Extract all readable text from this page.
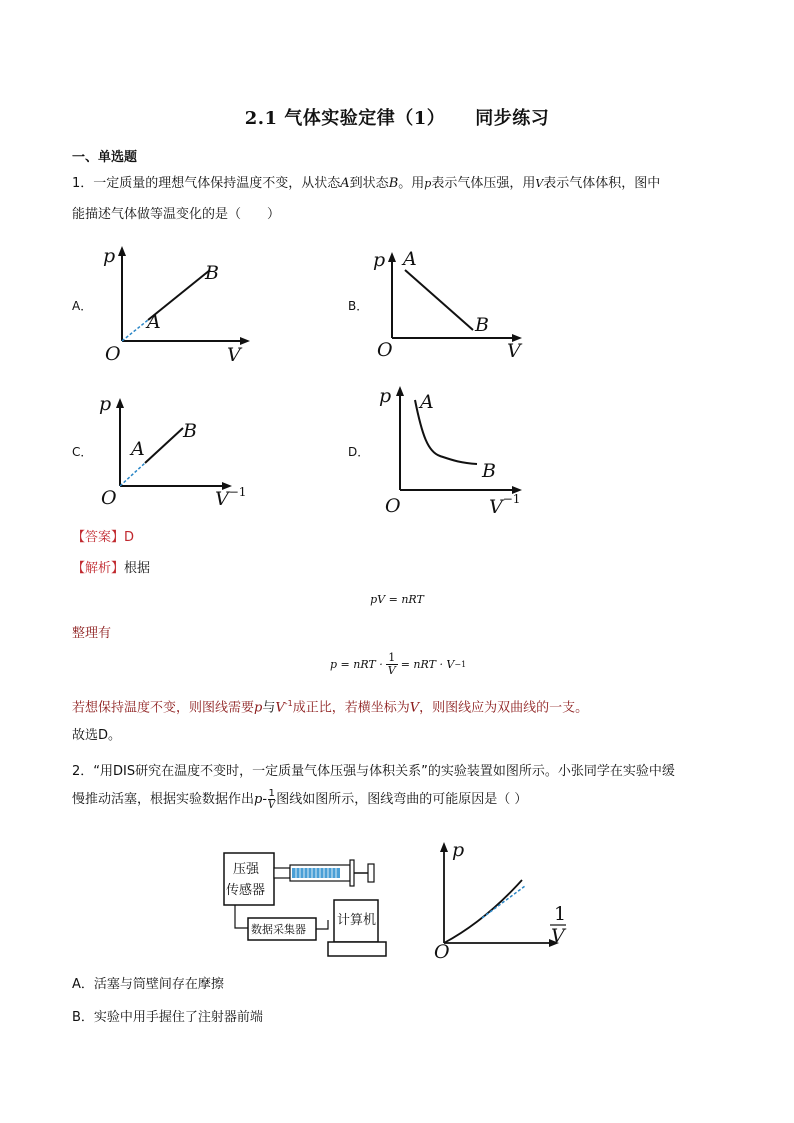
2.1 气体实验定律（1） 同步练习
一、单选题
1．一定质量的理想气体保持温度不变，从状态A到状态B。用p表示气体压强，用V表示气体体积，图中
能描述气体做等温变化的是（　　）
A．	B．
C．	D．
p
O	V
A
B
p
O	V
A
B
p
O	$V^{-1}$
A
B
p
O	$V^{-1}$
A
B
【答案】D
【解析】根据
pV = nRT
整理有
p = nRT · $\frac{1}{V}$ = nRT · V −1
若想保持温度不变，则图线需要p与$V^{-1}$成正比，若横坐标为V，则图线应为双曲线的一支。
故选D。
2．“用DIS研究在温度不变时，一定质量气体压强与体积关系”的实验装置如图所示。小张同学在实验中缓
慢推动活塞，根据实验数据作出 p - 1
V 图线如图所示，图线弯曲的可能原因是（ ）
压强
传感器
数据采集器
计算机
p
O
1
V
A．活塞与筒壁间存在摩擦
B．实验中用手握住了注射器前端
